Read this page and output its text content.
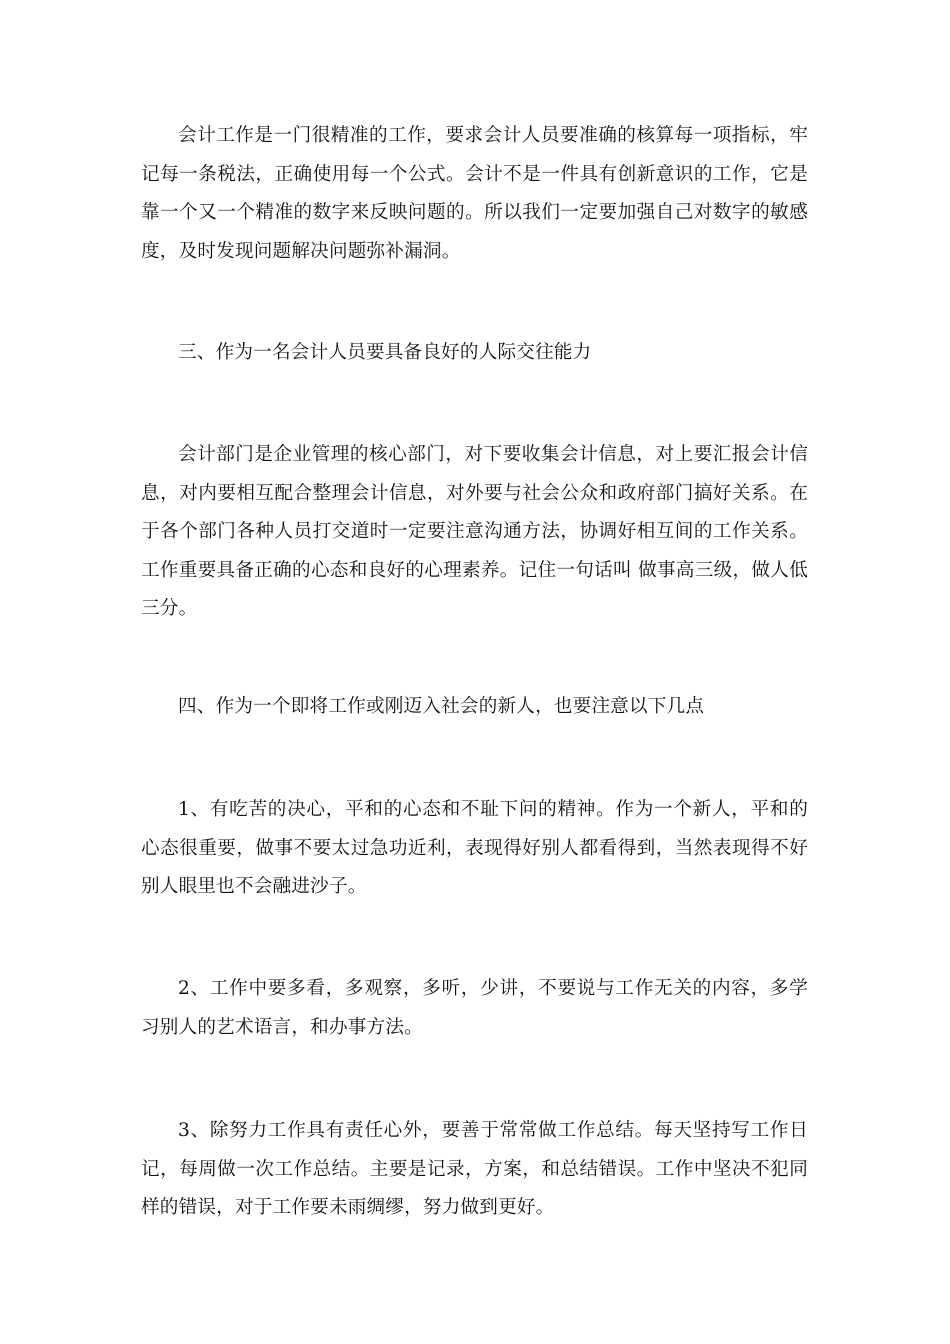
会计工作是一门很精准的工作，要求会计人员要准确的核算每一项指标，牢记每一条税法，正确使用每一个公式。会计不是一件具有创新意识的工作，它是靠一个又一个精准的数字来反映问题的。所以我们一定要加强自己对数字的敏感度，及时发现问题解决问题弥补漏洞。

三、作为一名会计人员要具备良好的人际交往能力

会计部门是企业管理的核心部门，对下要收集会计信息，对上要汇报会计信息，对内要相互配合整理会计信息，对外要与社会公众和政府部门搞好关系。在于各个部门各种人员打交道时一定要注意沟通方法，协调好相互间的工作关系。工作重要具备正确的心态和良好的心理素养。记住一句话叫 做事高三级，做人低三分。

四、作为一个即将工作或刚迈入社会的新人，也要注意以下几点

1、有吃苦的决心，平和的心态和不耻下问的精神。作为一个新人，平和的心态很重要，做事不要太过急功近利，表现得好别人都看得到，当然表现得不好别人眼里也不会融进沙子。

2、工作中要多看，多观察，多听，少讲，不要说与工作无关的内容，多学习别人的艺术语言，和办事方法。

3、除努力工作具有责任心外，要善于常常做工作总结。每天坚持写工作日记，每周做一次工作总结。主要是记录，方案，和总结错误。工作中坚决不犯同样的错误，对于工作要未雨绸缪，努力做到更好。
